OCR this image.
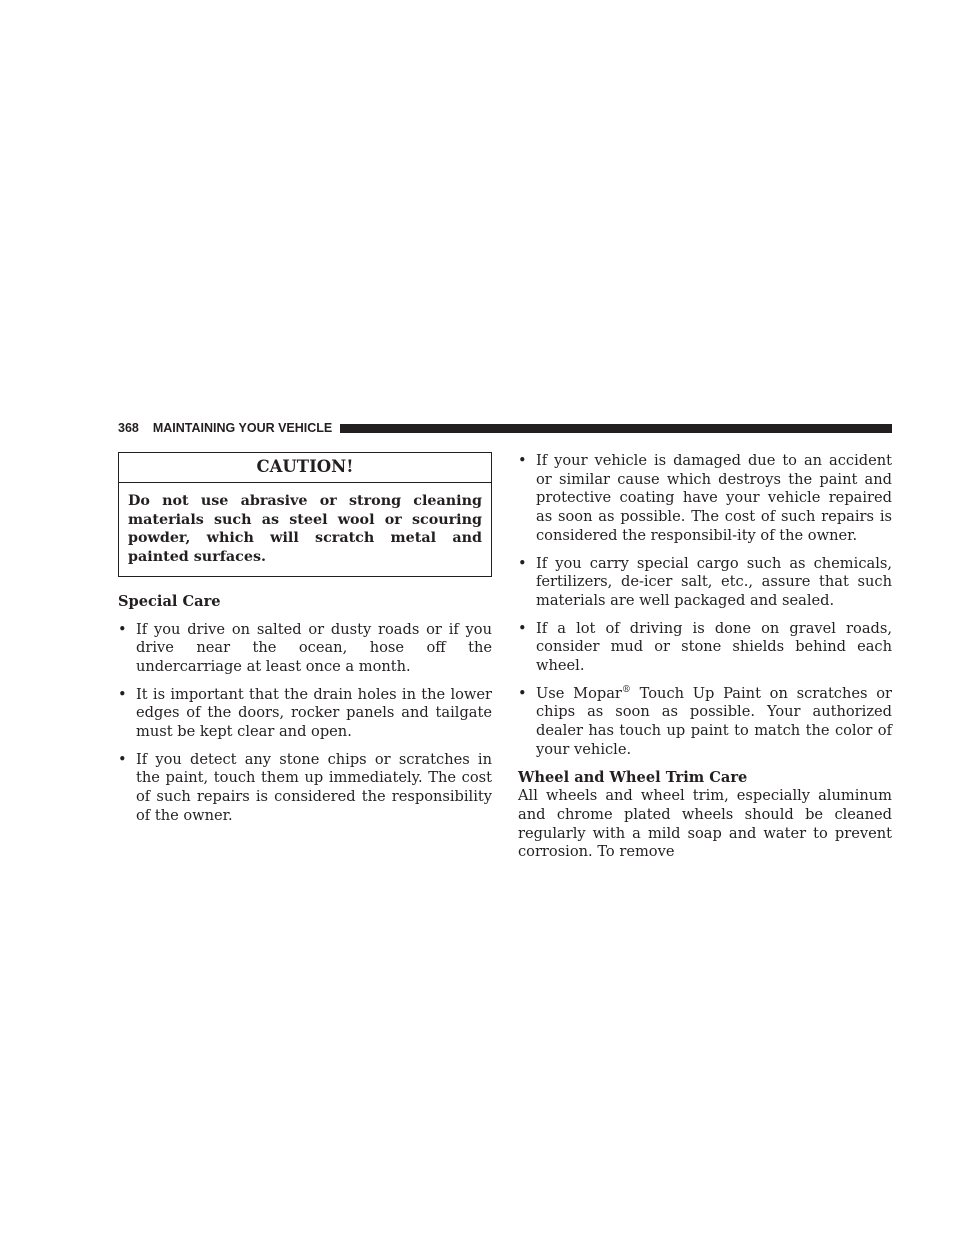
368 MAINTAINING YOUR VEHICLE
CAUTION!
Do not use abrasive or strong cleaning materials such as steel wool or scouring powder, which will scratch metal and painted surfaces.

Special Care

• If you drive on salted or dusty roads or if you drive near the ocean, hose off the undercarriage at least once a month.
• It is important that the drain holes in the lower edges of the doors, rocker panels and tailgate must be kept clear and open.
• If you detect any stone chips or scratches in the paint, touch them up immediately. The cost of such repairs is considered the responsibility of the owner.
• If your vehicle is damaged due to an accident or similar cause which destroys the paint and protective coating have your vehicle repaired as soon as possible. The cost of such repairs is considered the responsibil-ity of the owner.
• If you carry special cargo such as chemicals, fertilizers, de-icer salt, etc., assure that such materials are well packaged and sealed.
• If a lot of driving is done on gravel roads, consider mud or stone shields behind each wheel.
• Use Mopar® Touch Up Paint on scratches or chips as soon as possible. Your authorized dealer has touch up paint to match the color of your vehicle.

Wheel and Wheel Trim Care

All wheels and wheel trim, especially aluminum and chrome plated wheels should be cleaned regularly with a mild soap and water to prevent corrosion. To remove
